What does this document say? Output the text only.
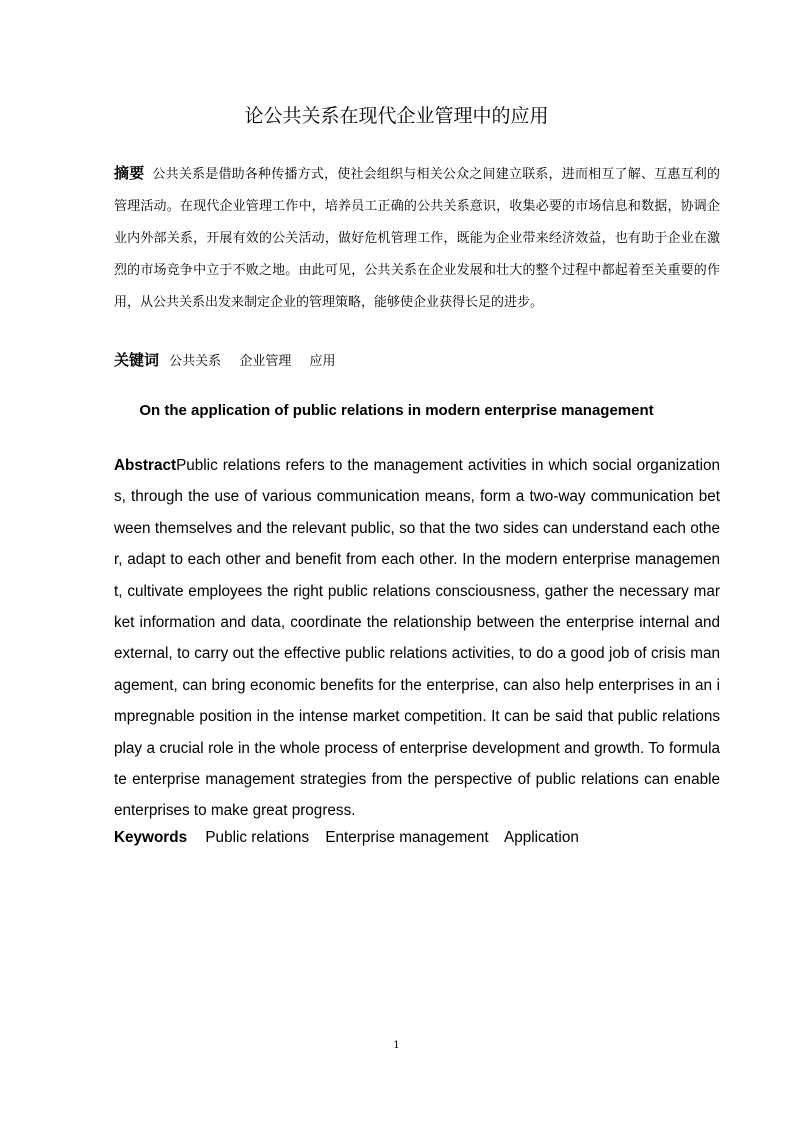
论公共关系在现代企业管理中的应用
摘要 公共关系是借助各种传播方式，使社会组织与相关公众之间建立联系，进而相互了解、互惠互利的管理活动。在现代企业管理工作中，培养员工正确的公共关系意识，收集必要的市场信息和数据，协调企业内外部关系，开展有效的公关活动，做好危机管理工作，既能为企业带来经济效益，也有助于企业在激烈的市场竞争中立于不败之地。由此可见，公共关系在企业发展和壮大的整个过程中都起着至关重要的作用，从公共关系出发来制定企业的管理策略，能够使企业获得长足的进步。
关键词 公共关系 企业管理 应用
On the application of public relations in modern enterprise management
AbstractPublic relations refers to the management activities in which social organizations, through the use of various communication means, form a two-way communication between themselves and the relevant public, so that the two sides can understand each other, adapt to each other and benefit from each other. In the modern enterprise management, cultivate employees the right public relations consciousness, gather the necessary market information and data, coordinate the relationship between the enterprise internal and external, to carry out the effective public relations activities, to do a good job of crisis management, can bring economic benefits for the enterprise, can also help enterprises in an impregnable position in the intense market competition. It can be said that public relations play a crucial role in the whole process of enterprise development and growth. To formulate enterprise management strategies from the perspective of public relations can enable enterprises to make great progress.
Keywords Public relations Enterprise management Application
1
